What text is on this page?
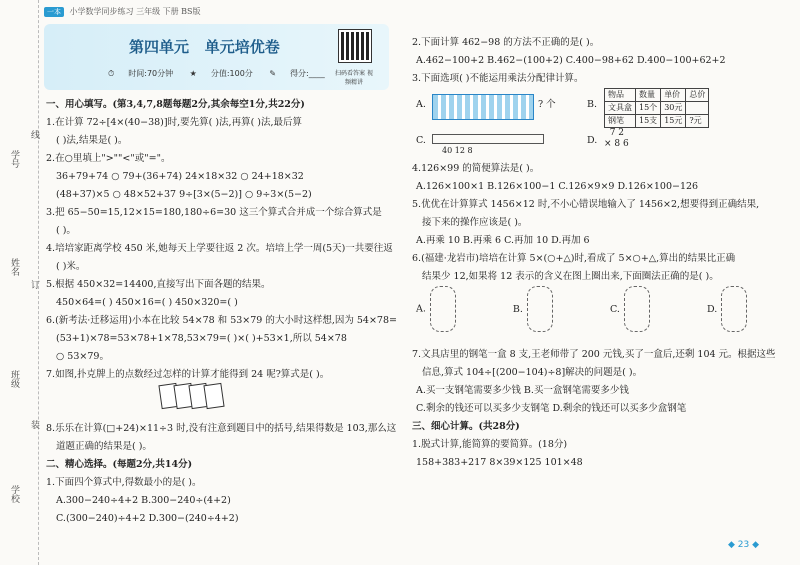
学号
姓名
班级
学校
线
订
装
一本 小学数学同步练习 三年级 下册 BS版
第四单元 单元培优卷
⏱ 时间:70分钟 ★ 分值:100分 ✎ 得分:____	扫码看答案 视频精讲

一、用心填写。(第3,4,7,8题每题2分,其余每空1分,共22分)

1.在计算 72÷[4×(40−38)]时,要先算( )法,再算( )法,最后算

( )法,结果是( )。

2.在○里填上">""<"或"="。

36+79+74 ○ 79+(36+74) 24×18×32 ○ 24+18×32

(48+37)×5 ○ 48×52+37 9÷[3×(5−2)] ○ 9÷3×(5−2)

3.把 65−50=15,12×15=180,180÷6=30 这三个算式合并成一个综合算式是

( )。

4.培培家距离学校 450 米,她每天上学要往返 2 次。培培上学一周(5天)一共要往返

( )米。

5.根据 450×32=14400,直接写出下面各题的结果。

450×64=( ) 450×16=( ) 450×320=( )

6.(新考法·迁移运用)小本在比较 54×78 和 53×79 的大小时这样想,因为 54×78=

(53+1)×78=53×78+1×78,53×79=( )×( )+53×1,所以 54×78

○ 53×79。

7.如图,扑克牌上的点数经过怎样的计算才能得到 24 呢?算式是( )。

8.乐乐在计算(□+24)×11÷3 时,没有注意到题目中的括号,结果得数是 103,那么这

道题正确的结果是( )。

二、精心选择。(每题2分,共14分)

1.下面四个算式中,得数最小的是( )。

A.300−240÷4+2 B.300−240÷(4+2)

C.(300−240)÷4+2 D.300−(240÷4+2)

2.下面计算 462−98 的方法不正确的是( )。

A.462−100+2 B.462−(100+2) C.400−98+62 D.400−100+62+2

3.下面选项( )不能运用乘法分配律计算。

A.	? 个
C.
40 12 8
B.
物品	数量	单价	总价
文具盒	15个	30元	
钢笔	15支	15元	?元
D.
7 2
× 8 6

4.126×99 的简便算法是( )。

A.126×100×1 B.126×100−1 C.126×9×9 D.126×100−126

5.优优在计算算式 1456×12 时,不小心错误地输入了 1456×2,想要得到正确结果,

接下来的操作应该是( )。

A.再乘 10 B.再乘 6 C.再加 10 D.再加 6

6.(福建·龙岩市)培培在计算 5×(○+△)时,看成了 5×○+△,算出的结果比正确

结果少 12,如果将 12 表示的含义在图上圈出来,下面圈法正确的是( )。

A.	B.	C.	D.

7.文具店里的钢笔一盒 8 支,王老师带了 200 元钱,买了一盒后,还剩 104 元。根据这些

信息,算式 104÷[(200−104)÷8]解决的问题是( )。

A.买一支钢笔需要多少钱 B.买一盒钢笔需要多少钱

C.剩余的钱还可以买多少支钢笔 D.剩余的钱还可以买多少盒钢笔

三、细心计算。(共28分)

1.脱式计算,能简算的要简算。(18分)

158+383+217 8×39×125 101×48

◆ 23 ◆
